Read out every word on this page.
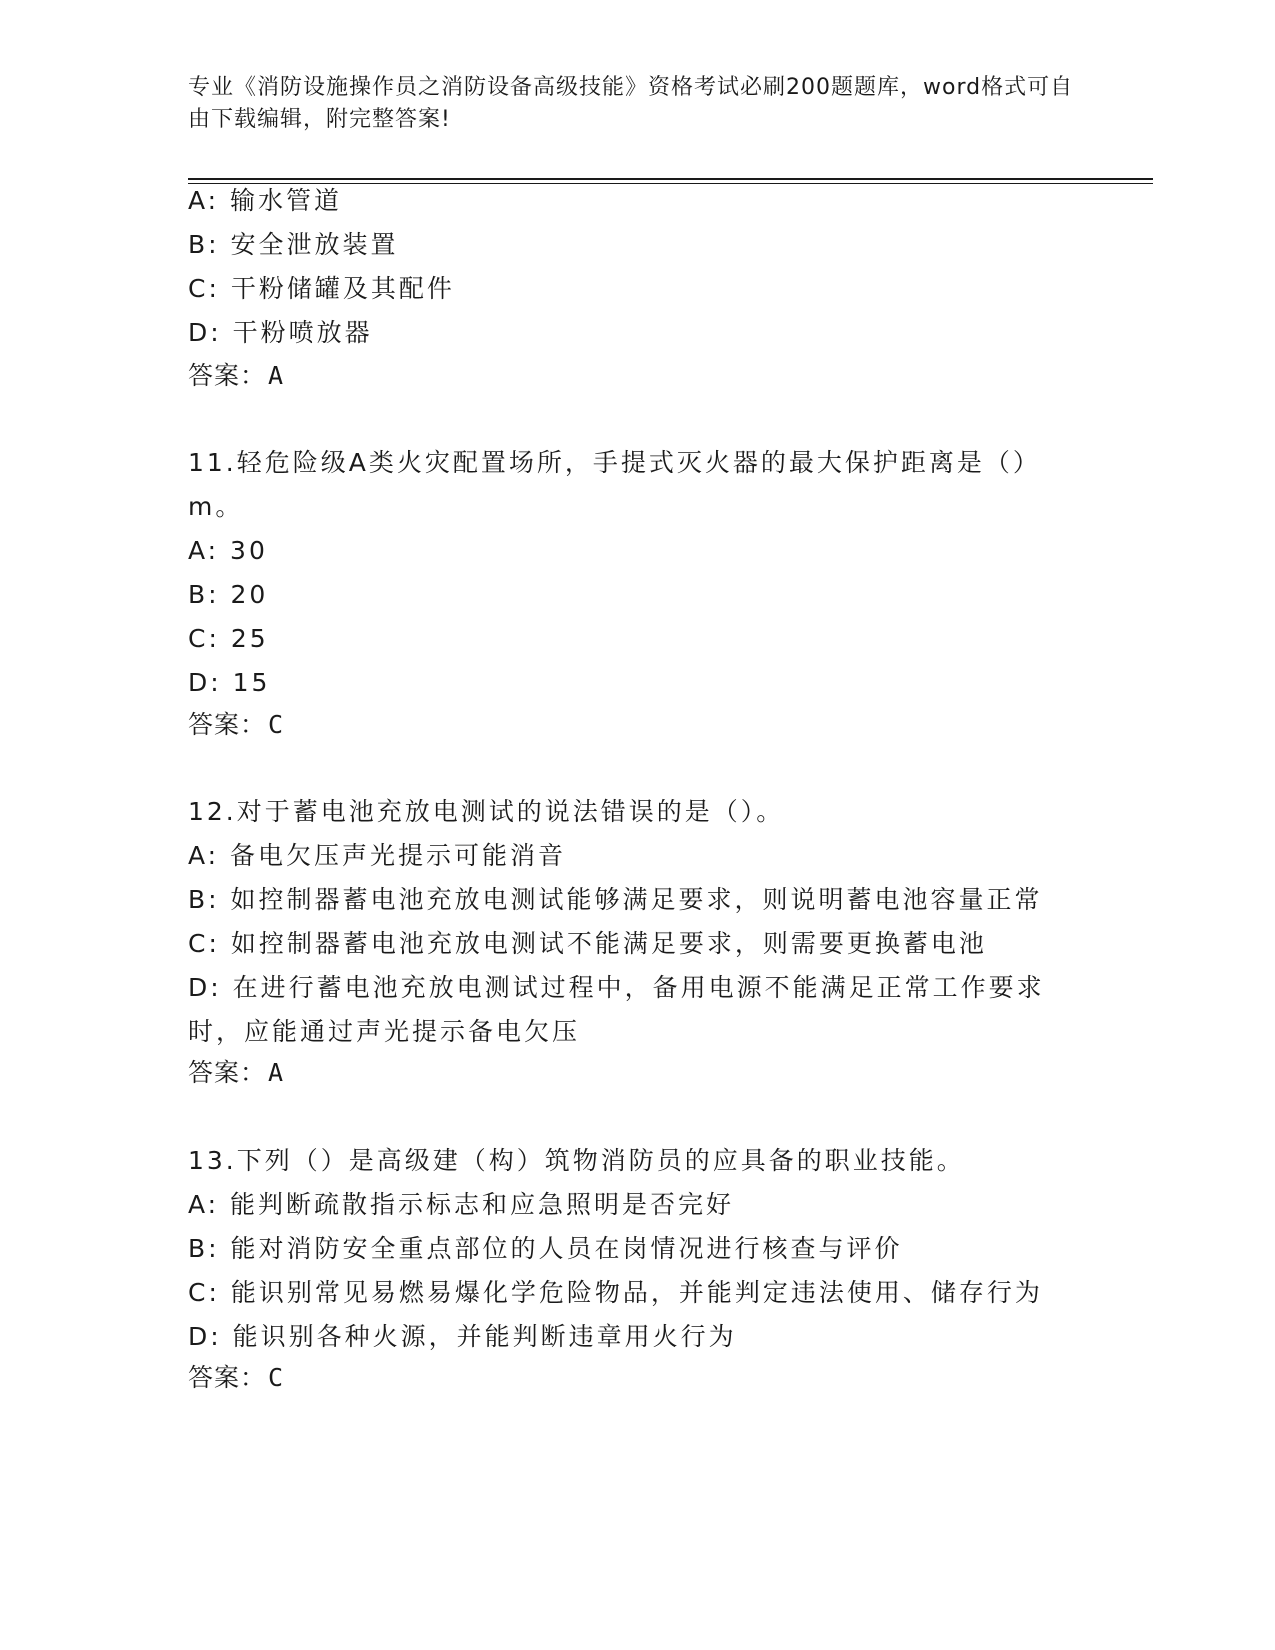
专业《消防设施操作员之消防设备高级技能》资格考试必刷200题题库，word格式可自由下载编辑，附完整答案!
A: 输水管道
B: 安全泄放装置
C: 干粉储罐及其配件
D: 干粉喷放器
答案：A
11.轻危险级A类火灾配置场所，手提式灭火器的最大保护距离是（）
m。
A: 30
B: 20
C: 25
D: 15
答案：C
12.对于蓄电池充放电测试的说法错误的是（）。
A: 备电欠压声光提示可能消音
B: 如控制器蓄电池充放电测试能够满足要求，则说明蓄电池容量正常
C: 如控制器蓄电池充放电测试不能满足要求，则需要更换蓄电池
D: 在进行蓄电池充放电测试过程中，备用电源不能满足正常工作要求
时，应能通过声光提示备电欠压
答案：A
13.下列（）是高级建（构）筑物消防员的应具备的职业技能。
A: 能判断疏散指示标志和应急照明是否完好
B: 能对消防安全重点部位的人员在岗情况进行核查与评价
C: 能识别常见易燃易爆化学危险物品，并能判定违法使用、储存行为
D: 能识别各种火源，并能判断违章用火行为
答案：C
